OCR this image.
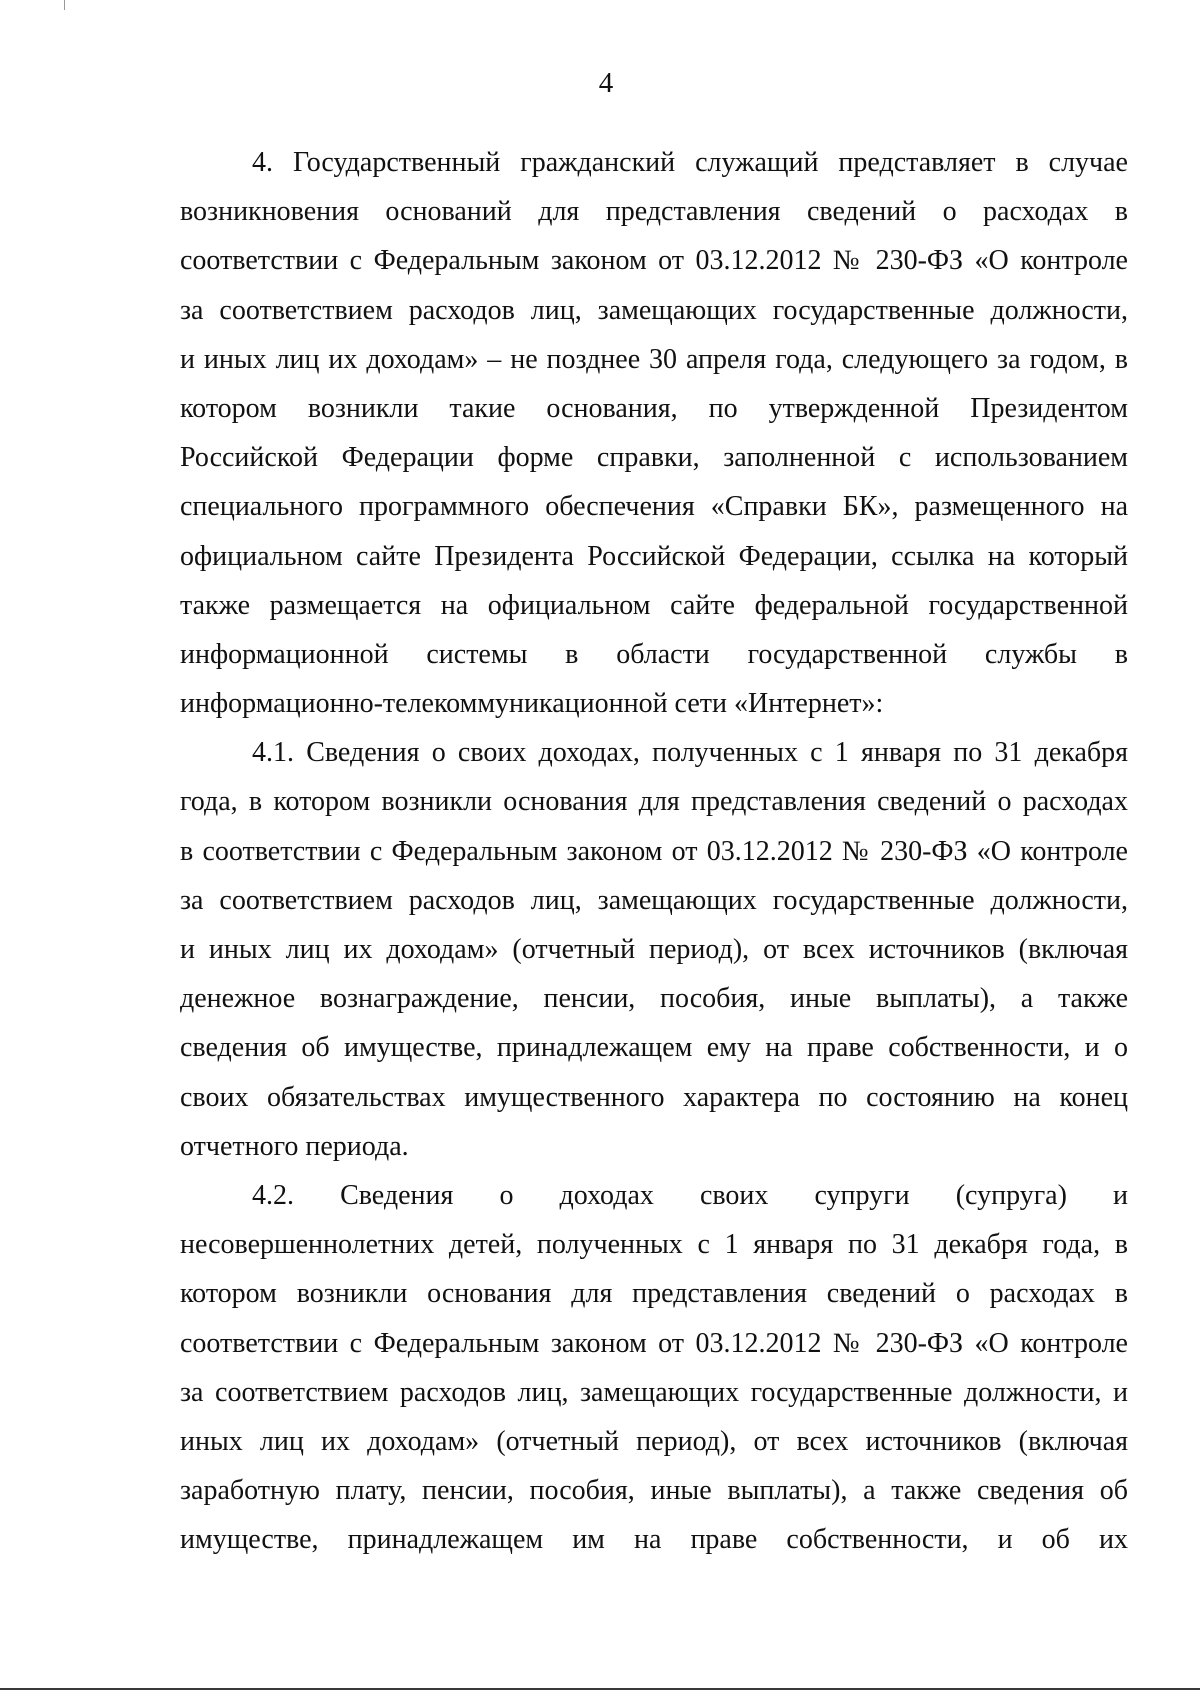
4
4. Государственный гражданский служащий представляет в случае
возникновения оснований для представления сведений о расходах в
соответствии с Федеральным законом от 03.12.2012 № 230-ФЗ «О контроле
за соответствием расходов лиц, замещающих государственные должности,
и иных лиц их доходам» – не позднее 30 апреля года, следующего за годом, в
котором возникли такие основания, по утвержденной Президентом
Российской Федерации форме справки, заполненной с использованием
специального программного обеспечения «Справки БК», размещенного на
официальном сайте Президента Российской Федерации, ссылка на который
также размещается на официальном сайте федеральной государственной
информационной системы в области государственной службы в
информационно-телекоммуникационной сети «Интернет»:
4.1. Сведения о своих доходах, полученных с 1 января по 31 декабря
года, в котором возникли основания для представления сведений о расходах
в соответствии с Федеральным законом от 03.12.2012 № 230-ФЗ «О контроле
за соответствием расходов лиц, замещающих государственные должности,
и иных лиц их доходам» (отчетный период), от всех источников (включая
денежное вознаграждение, пенсии, пособия, иные выплаты), а также
сведения об имуществе, принадлежащем ему на праве собственности, и о
своих обязательствах имущественного характера по состоянию на конец
отчетного периода.
4.2. Сведения о доходах своих супруги (супруга) и
несовершеннолетних детей, полученных с 1 января по 31 декабря года, в
котором возникли основания для представления сведений о расходах в
соответствии с Федеральным законом от 03.12.2012 № 230-ФЗ «О контроле
за соответствием расходов лиц, замещающих государственные должности, и
иных лиц их доходам» (отчетный период), от всех источников (включая
заработную плату, пенсии, пособия, иные выплаты), а также сведения об
имуществе, принадлежащем им на праве собственности, и об их
